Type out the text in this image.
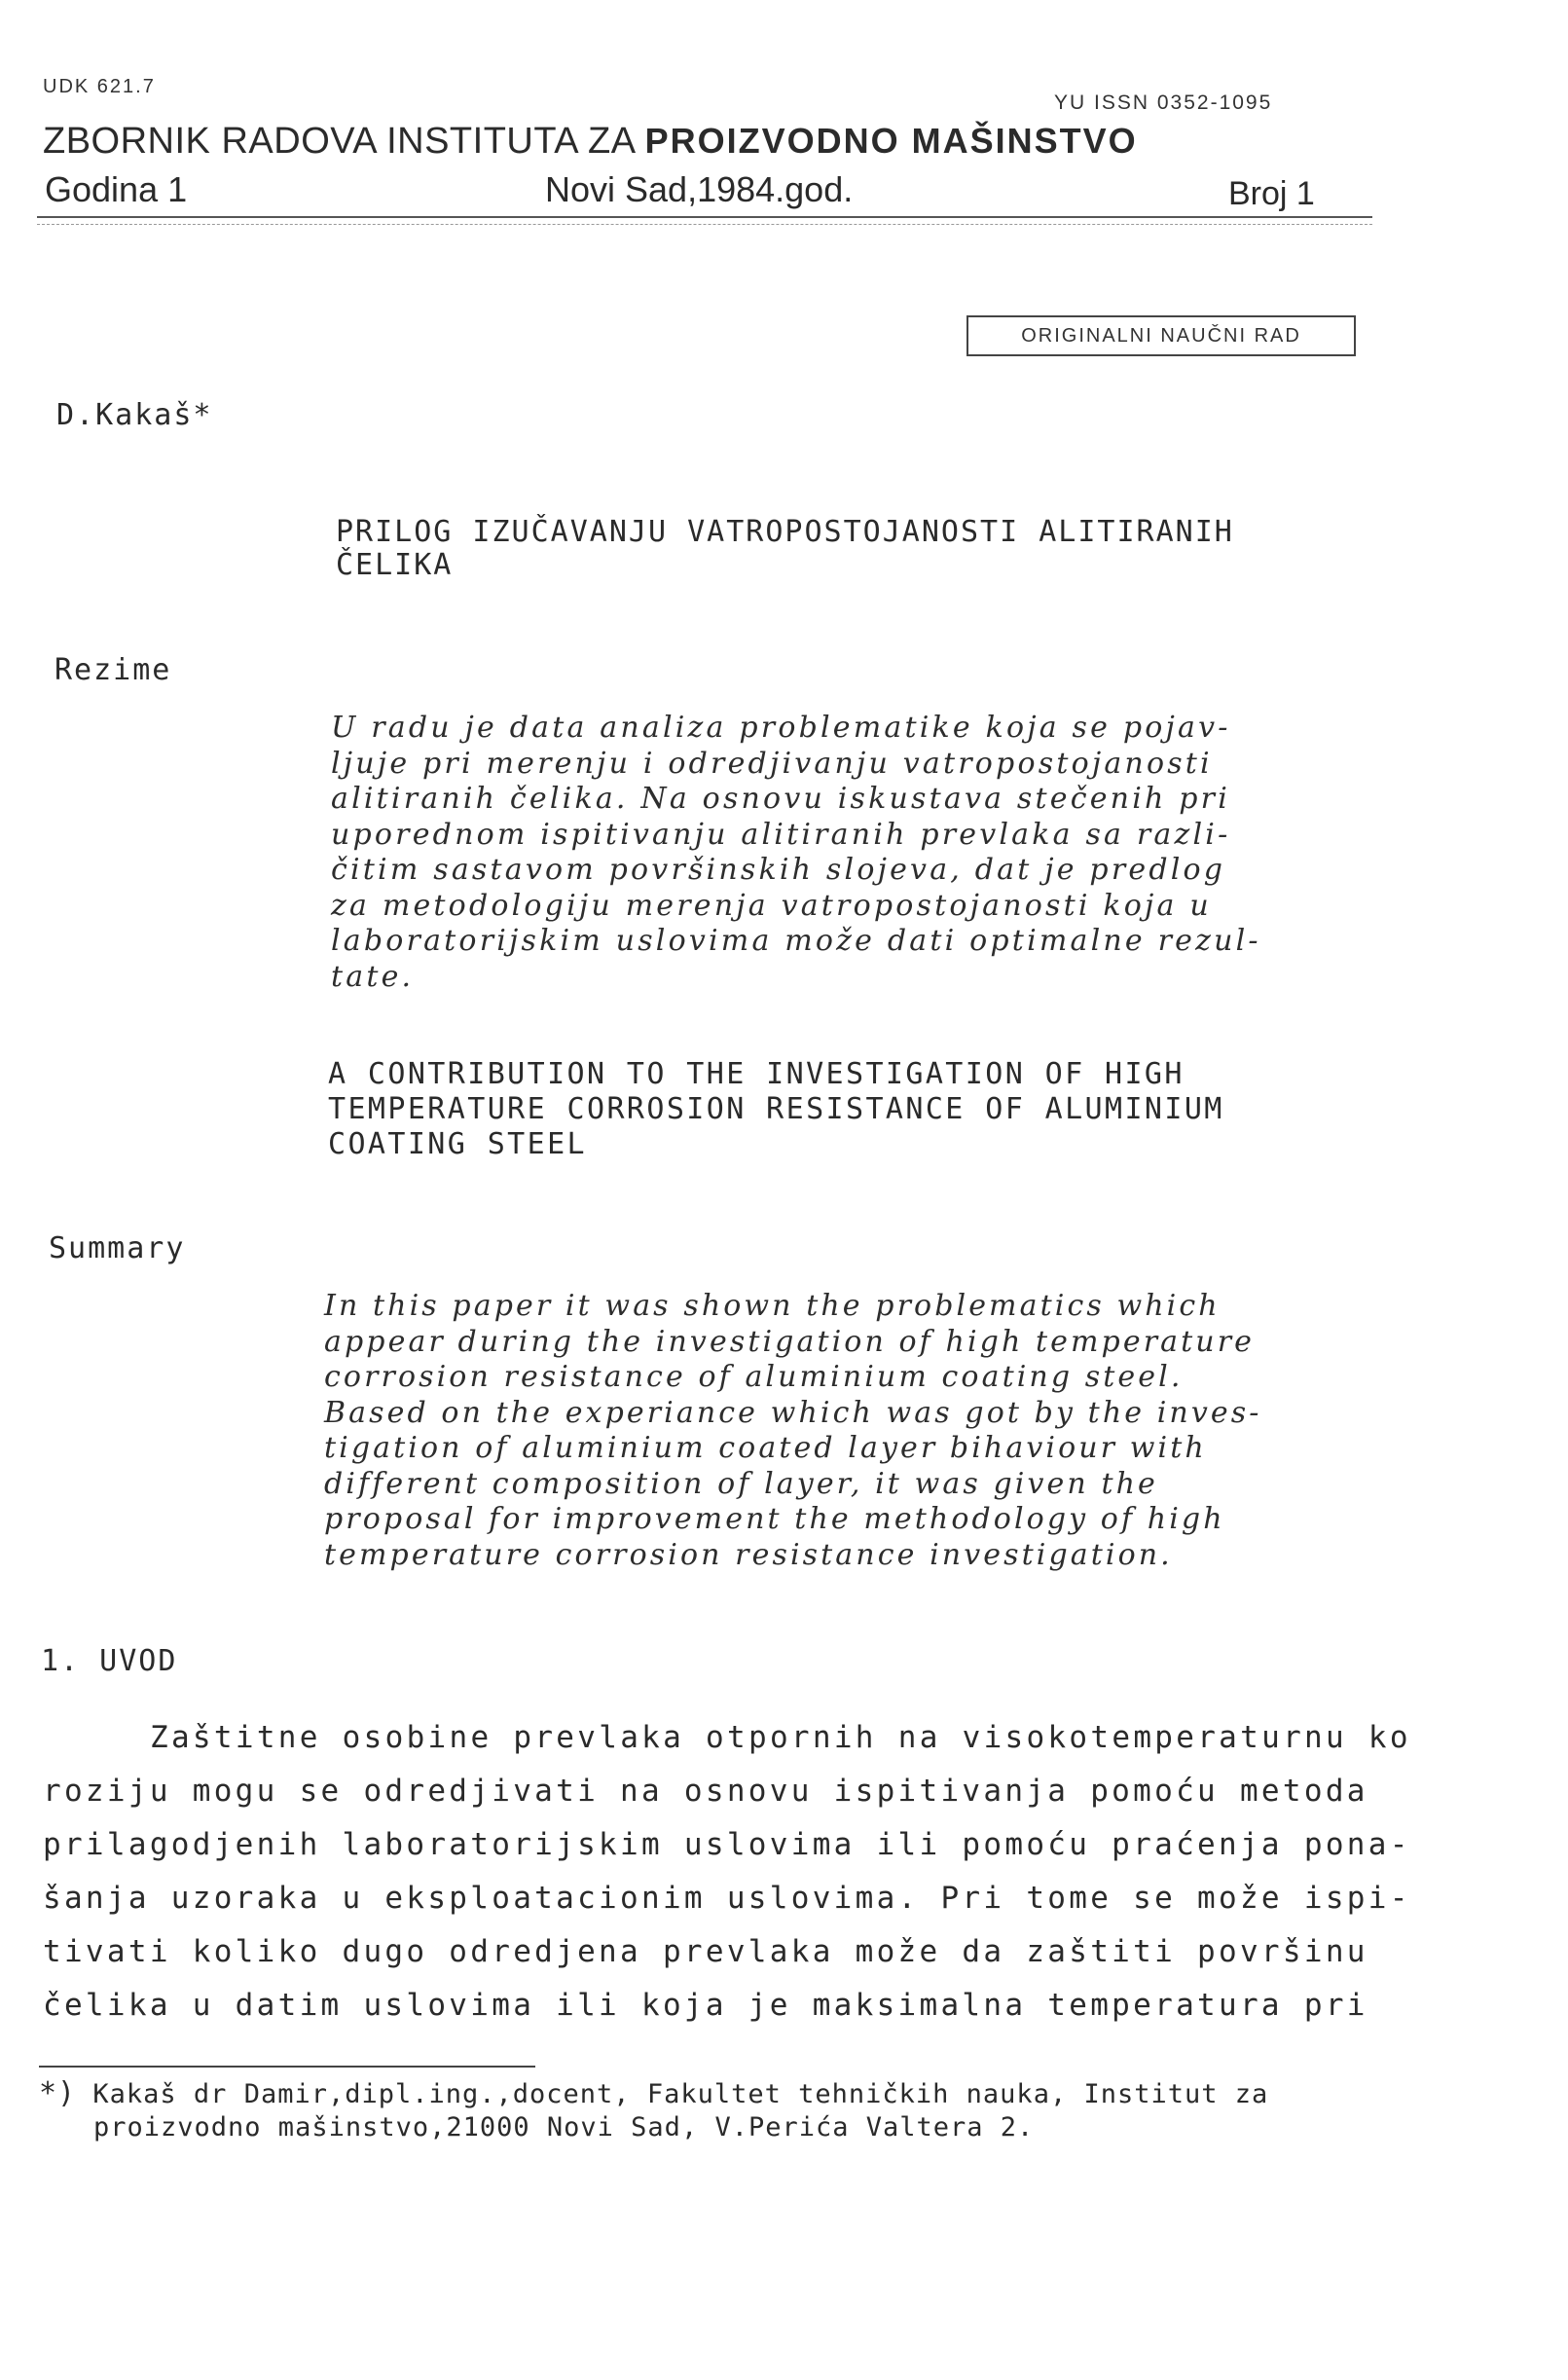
UDK 621.7
YU ISSN 0352-1095
ZBORNIK RADOVA INSTITUTA ZA PROIZVODNO MAŠINSTVO
Godina 1	Novi Sad,1984.god.	Broj 1
ORIGINALNI NAUČNI RAD
D.Kakaš*
PRILOG IZUČAVANJU VATROPOSTOJANOSTI ALITIRANIH
ČELIKA
Rezime
U radu je data analiza problematike koja se pojav-
ljuje pri merenju i odredjivanju vatropostojanosti
alitiranih čelika. Na osnovu iskustava stečenih pri
uporednom ispitivanju alitiranih prevlaka sa razli-
čitim sastavom površinskih slojeva, dat je predlog
za metodologiju merenja vatropostojanosti koja u
laboratorijskim uslovima može dati optimalne rezul-
tate.
A CONTRIBUTION TO THE INVESTIGATION OF HIGH
TEMPERATURE CORROSION RESISTANCE OF ALUMINIUM
COATING STEEL
Summary
In this paper it was shown the problematics which
appear during the investigation of high temperature
corrosion resistance of aluminium coating steel.
Based on the experiance which was got by the inves-
tigation of aluminium coated layer bihaviour with
different composition of layer, it was given the
proposal for improvement the methodology of high
temperature corrosion resistance investigation.
1. UVOD
Zaštitne osobine prevlaka otpornih na visokotemperaturnu ko
roziju mogu se odredjivati na osnovu ispitivanja pomoću metoda
prilagodjenih laboratorijskim uslovima ili pomoću praćenja pona-
šanja uzoraka u eksploatacionim uslovima. Pri tome se može ispi-
tivati koliko dugo odredjena prevlaka može da zaštiti površinu
čelika u datim uslovima ili koja je maksimalna temperatura pri
*) Kakaš dr Damir,dipl.ing.,docent, Fakultet tehničkih nauka, Institut za
proizvodno mašinstvo,21000 Novi Sad, V.Perića Valtera 2.
